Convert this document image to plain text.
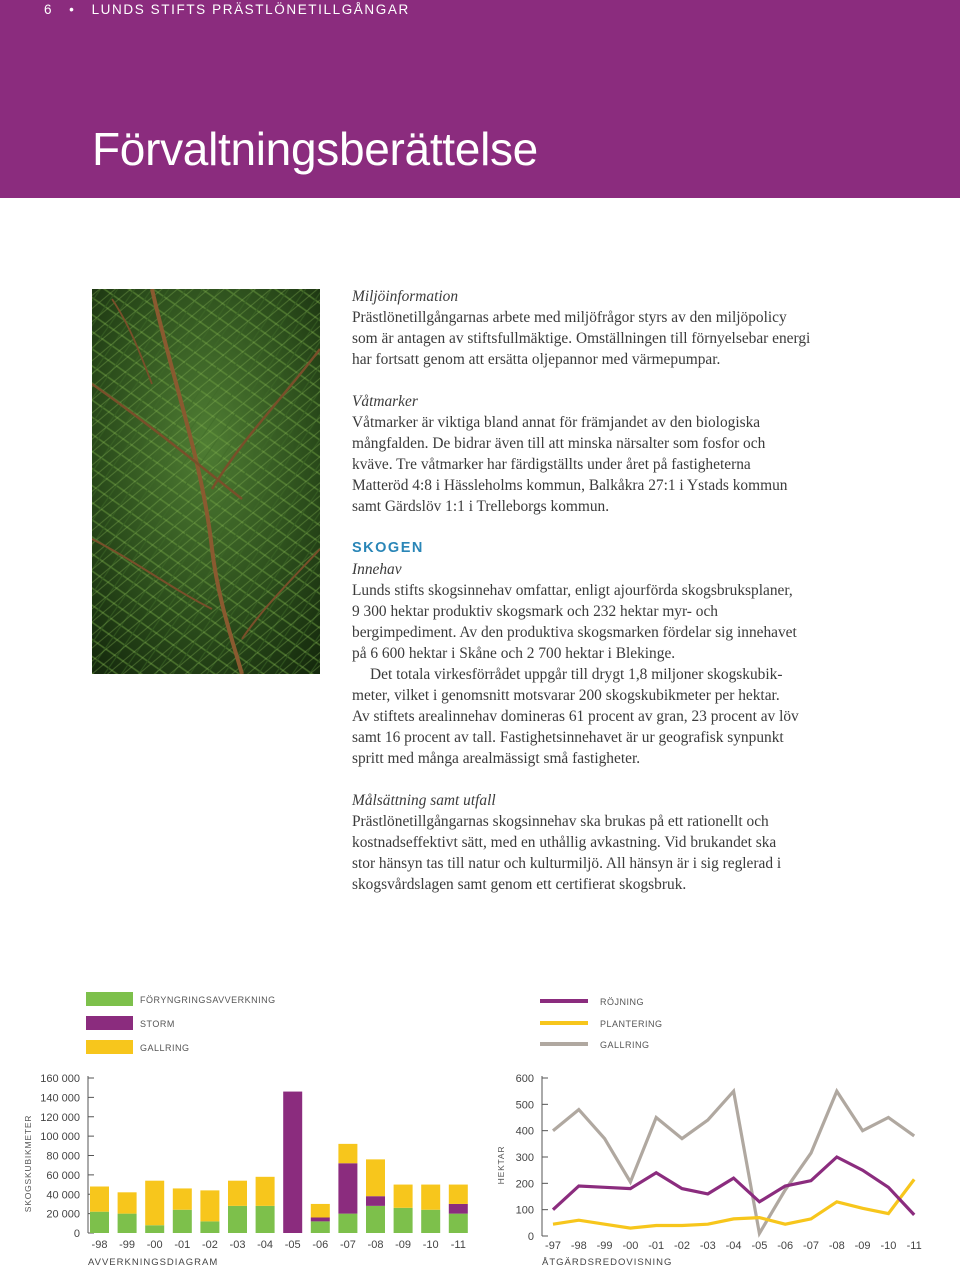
6   •   LUNDS STIFTS PRÄSTLÖNETILLGÅNGAR
Förvaltningsberättelse

Miljöinformation

Prästlönetillgångarnas arbete med miljöfrågor styrs av den miljöpolicy

som är antagen av stiftsfullmäktige. Omställningen till förnyelsebar energi

har fortsatt genom att ersätta oljepannor med värmepumpar.

Våtmarker

Våtmarker är viktiga bland annat för främjandet av den biologiska

mångfalden. De bidrar även till att minska närsalter som fosfor och

kväve. Tre våtmarker har färdigställts under året på fastigheterna

Matteröd 4:8 i Hässleholms kommun, Balkåkra 27:1 i Ystads kommun

samt Gärdslöv 1:1 i Trelleborgs kommun.

SKOGEN

Innehav

Lunds stifts skogsinnehav omfattar, enligt ajourförda skogsbruksplaner,

9 300 hektar produktiv skogsmark och 232 hektar myr- och

bergimpediment. Av den produktiva skogsmarken fördelar sig innehavet

på 6 600 hektar i Skåne och 2 700 hektar i Blekinge.

Det totala virkesförrådet uppgår till drygt 1,8 miljoner skogskubik-

meter, vilket i genomsnitt motsvarar 200 skogskubikmeter per hektar.

Av stiftets arealinnehav domineras 61 procent av gran, 23 procent av löv

samt 16 procent av tall. Fastighetsinnehavet är ur geografisk synpunkt

spritt med många arealmässigt små fastigheter.

Målsättning samt utfall

Prästlönetillgångarnas skogsinnehav ska brukas på ett rationellt och

kostnadseffektivt sätt, med en uthållig avkastning. Vid brukandet ska

stor hänsyn tas till natur och kulturmiljö. All hänsyn är i sig reglerad i

skogsvårdslagen samt genom ett certifierat skogsbruk.

FÖRYNGRINGSAVVERKNING
STORM
GALLRING
0
20 000
40 000
60 000
80 000
100 000
120 000
140 000
160 000
SKOGSKUBIKMETER
-98 -99 -00 -01 -02 -03 -04 -05 -06 -07 -08 -09 -10 -11
AVVERKNINGSDIAGRAM
RÖJNING
PLANTERING
GALLRING
0
100
200
300
400
500
600
HEKTAR
-97 -98 -99 -00 -01 -02 -03 -04 -05 -06 -07 -08 -09 -10 -11
ÅTGÄRDSREDOVISNING
